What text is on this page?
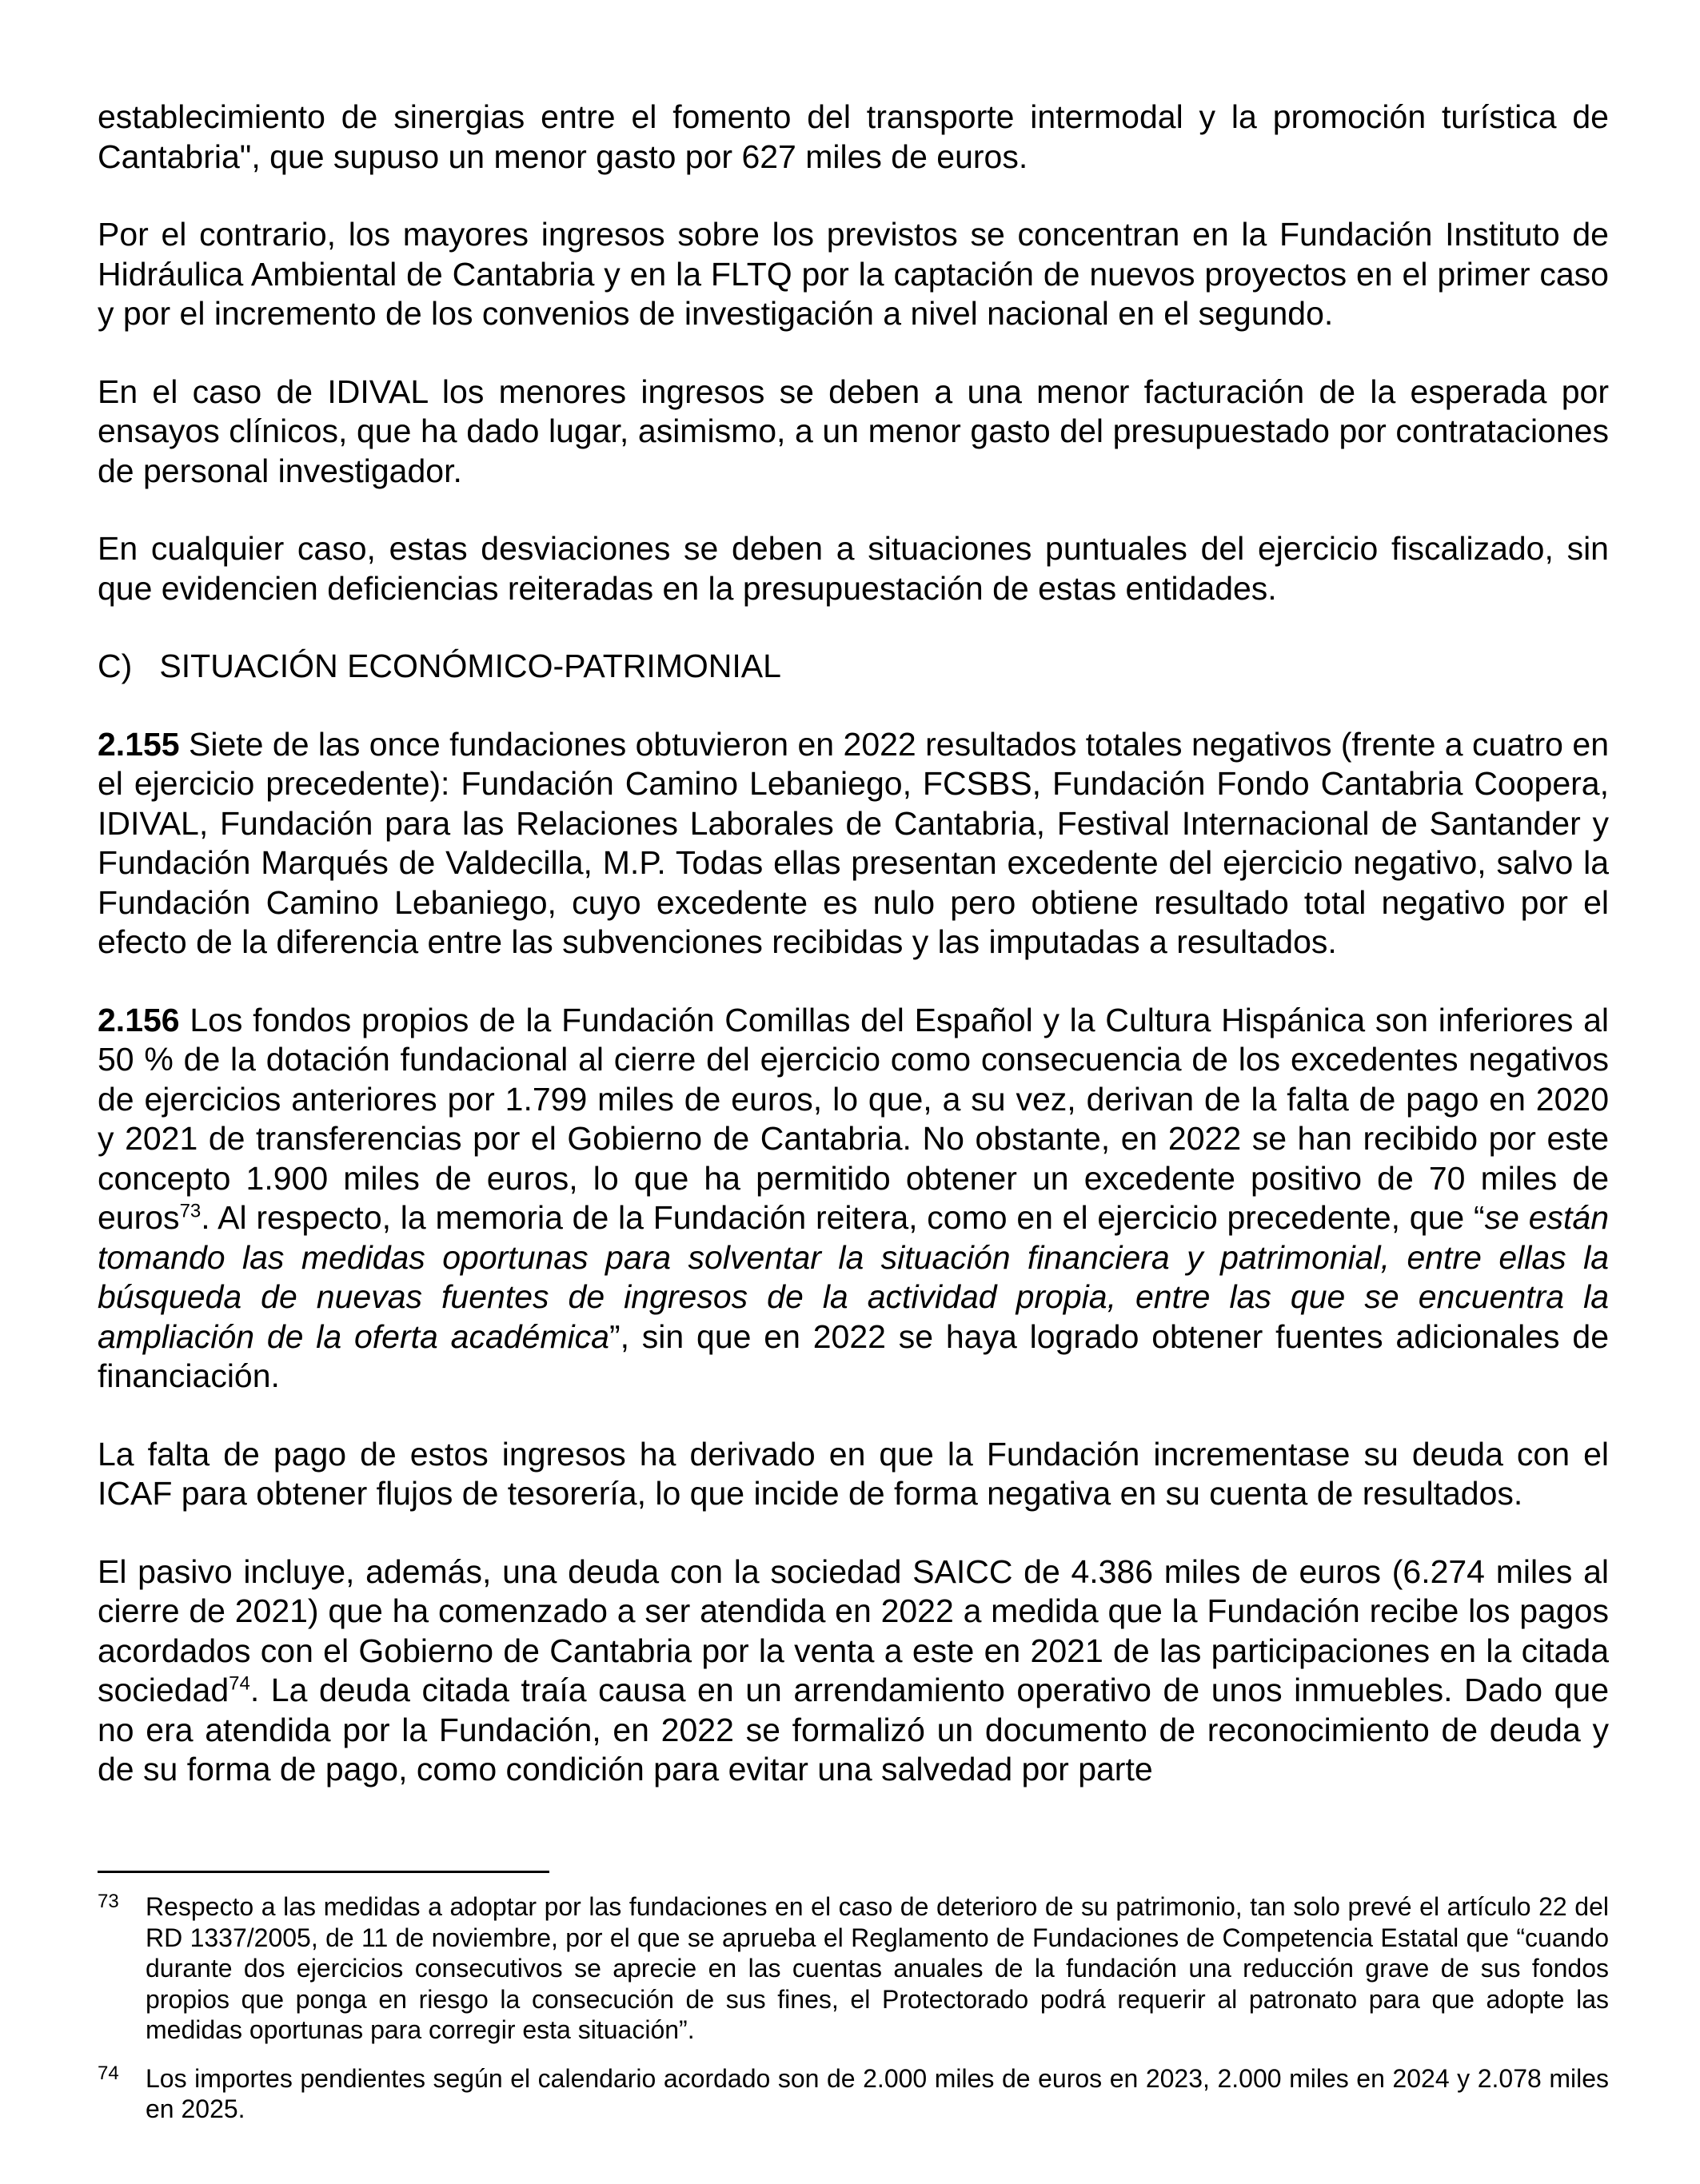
establecimiento de sinergias entre el fomento del transporte intermodal y la promoción turística de Cantabria", que supuso un menor gasto por 627 miles de euros.

Por el contrario, los mayores ingresos sobre los previstos se concentran en la Fundación Instituto de Hidráulica Ambiental de Cantabria y en la FLTQ por la captación de nuevos proyectos en el primer caso y por el incremento de los convenios de investigación a nivel nacional en el segundo.

En el caso de IDIVAL los menores ingresos se deben a una menor facturación de la esperada por ensayos clínicos, que ha dado lugar, asimismo, a un menor gasto del presupuestado por contrataciones de personal investigador.

En cualquier caso, estas desviaciones se deben a situaciones puntuales del ejercicio fiscalizado, sin que evidencien deficiencias reiteradas en la presupuestación de estas entidades.

C)   SITUACIÓN ECONÓMICO-PATRIMONIAL

2.155 Siete de las once fundaciones obtuvieron en 2022 resultados totales negativos (frente a cuatro en el ejercicio precedente): Fundación Camino Lebaniego, FCSBS, Fundación Fondo Cantabria Coopera, IDIVAL, Fundación para las Relaciones Laborales de Cantabria, Festival Internacional de Santander y Fundación Marqués de Valdecilla, M.P. Todas ellas presentan excedente del ejercicio negativo, salvo la Fundación Camino Lebaniego, cuyo excedente es nulo pero obtiene resultado total negativo por el efecto de la diferencia entre las subvenciones recibidas y las imputadas a resultados.

2.156 Los fondos propios de la Fundación Comillas del Español y la Cultura Hispánica son inferiores al 50 % de la dotación fundacional al cierre del ejercicio como consecuencia de los excedentes negativos de ejercicios anteriores por 1.799 miles de euros, lo que, a su vez, derivan de la falta de pago en 2020 y 2021 de transferencias por el Gobierno de Cantabria. No obstante, en 2022 se han recibido por este concepto 1.900 miles de euros, lo que ha permitido obtener un excedente positivo de 70 miles de euros$^{73}$. Al respecto, la memoria de la Fundación reitera, como en el ejercicio precedente, que “se están tomando las medidas oportunas para solventar la situación financiera y patrimonial, entre ellas la búsqueda de nuevas fuentes de ingresos de la actividad propia, entre las que se encuentra la ampliación de la oferta académica”, sin que en 2022 se haya logrado obtener fuentes adicionales de financiación.

La falta de pago de estos ingresos ha derivado en que la Fundación incrementase su deuda con el ICAF para obtener flujos de tesorería, lo que incide de forma negativa en su cuenta de resultados.

El pasivo incluye, además, una deuda con la sociedad SAICC de 4.386 miles de euros (6.274 miles al cierre de 2021) que ha comenzado a ser atendida en 2022 a medida que la Fundación recibe los pagos acordados con el Gobierno de Cantabria por la venta a este en 2021 de las participaciones en la citada sociedad$^{74}$. La deuda citada traía causa en un arrendamiento operativo de unos inmuebles. Dado que no era atendida por la Fundación, en 2022 se formalizó un documento de reconocimiento de deuda y de su forma de pago, como condición para evitar una salvedad por parte

73 Respecto a las medidas a adoptar por las fundaciones en el caso de deterioro de su patrimonio, tan solo prevé el artículo 22 del RD 1337/2005, de 11 de noviembre, por el que se aprueba el Reglamento de Fundaciones de Competencia Estatal que “cuando durante dos ejercicios consecutivos se aprecie en las cuentas anuales de la fundación una reducción grave de sus fondos propios que ponga en riesgo la consecución de sus fines, el Protectorado podrá requerir al patronato para que adopte las medidas oportunas para corregir esta situación”.
74 Los importes pendientes según el calendario acordado son de 2.000 miles de euros en 2023, 2.000 miles en 2024 y 2.078 miles en 2025.
